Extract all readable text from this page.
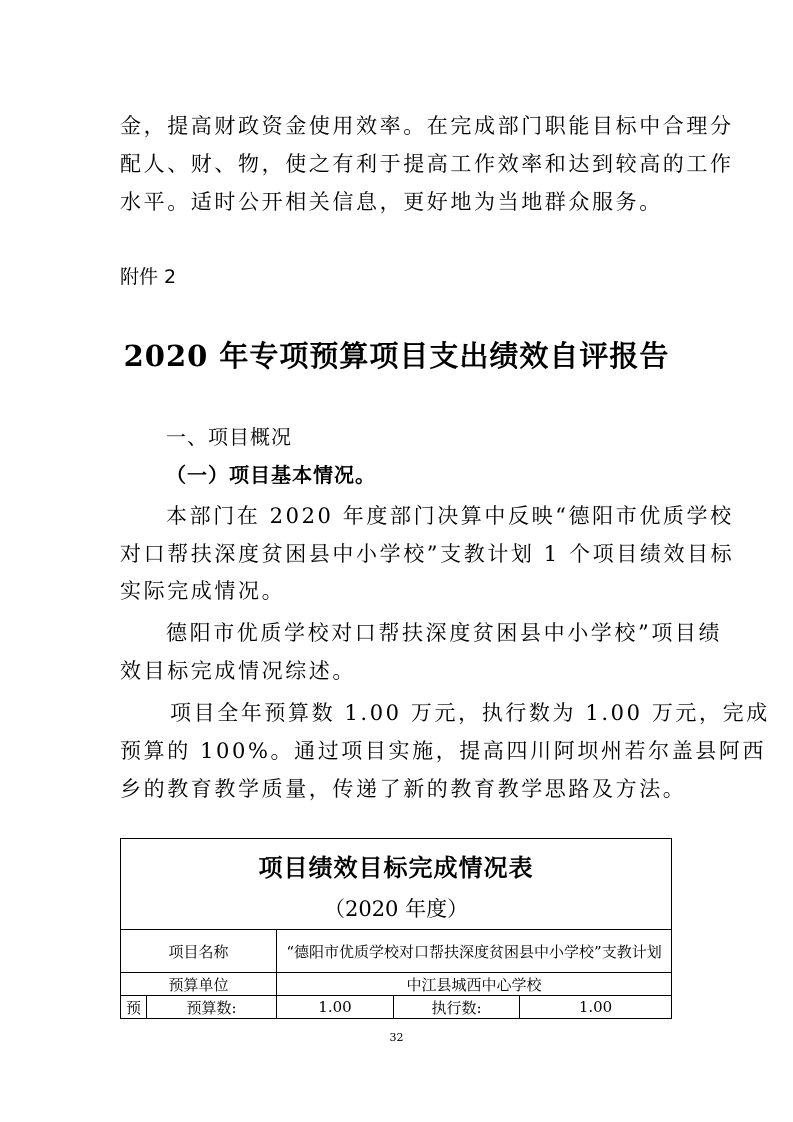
金，提高财政资金使用效率。在完成部门职能目标中合理分
配人、财、物，使之有利于提高工作效率和达到较高的工作
水平。适时公开相关信息，更好地为当地群众服务。
附件 2
2020 年专项预算项目支出绩效自评报告
一、项目概况
（一）项目基本情况。
本部门在 2020 年度部门决算中反映“德阳市优质学校
对口帮扶深度贫困县中小学校”支教计划 1 个项目绩效目标
实际完成情况。
德阳市优质学校对口帮扶深度贫困县中小学校”项目绩
效目标完成情况综述。
项目全年预算数 1.00 万元，执行数为 1.00 万元，完成
预算的 100%。通过项目实施，提高四川阿坝州若尔盖县阿西
乡的教育教学质量，传递了新的教育教学思路及方法。
项目绩效目标完成情况表
（2020 年度）				

项目名称		“德阳市优质学校对口帮扶深度贫困县中小学校”支教计划		
预算单位		中江县城西中心学校		
预	预算数:	1.00	执行数:	1.00
32
